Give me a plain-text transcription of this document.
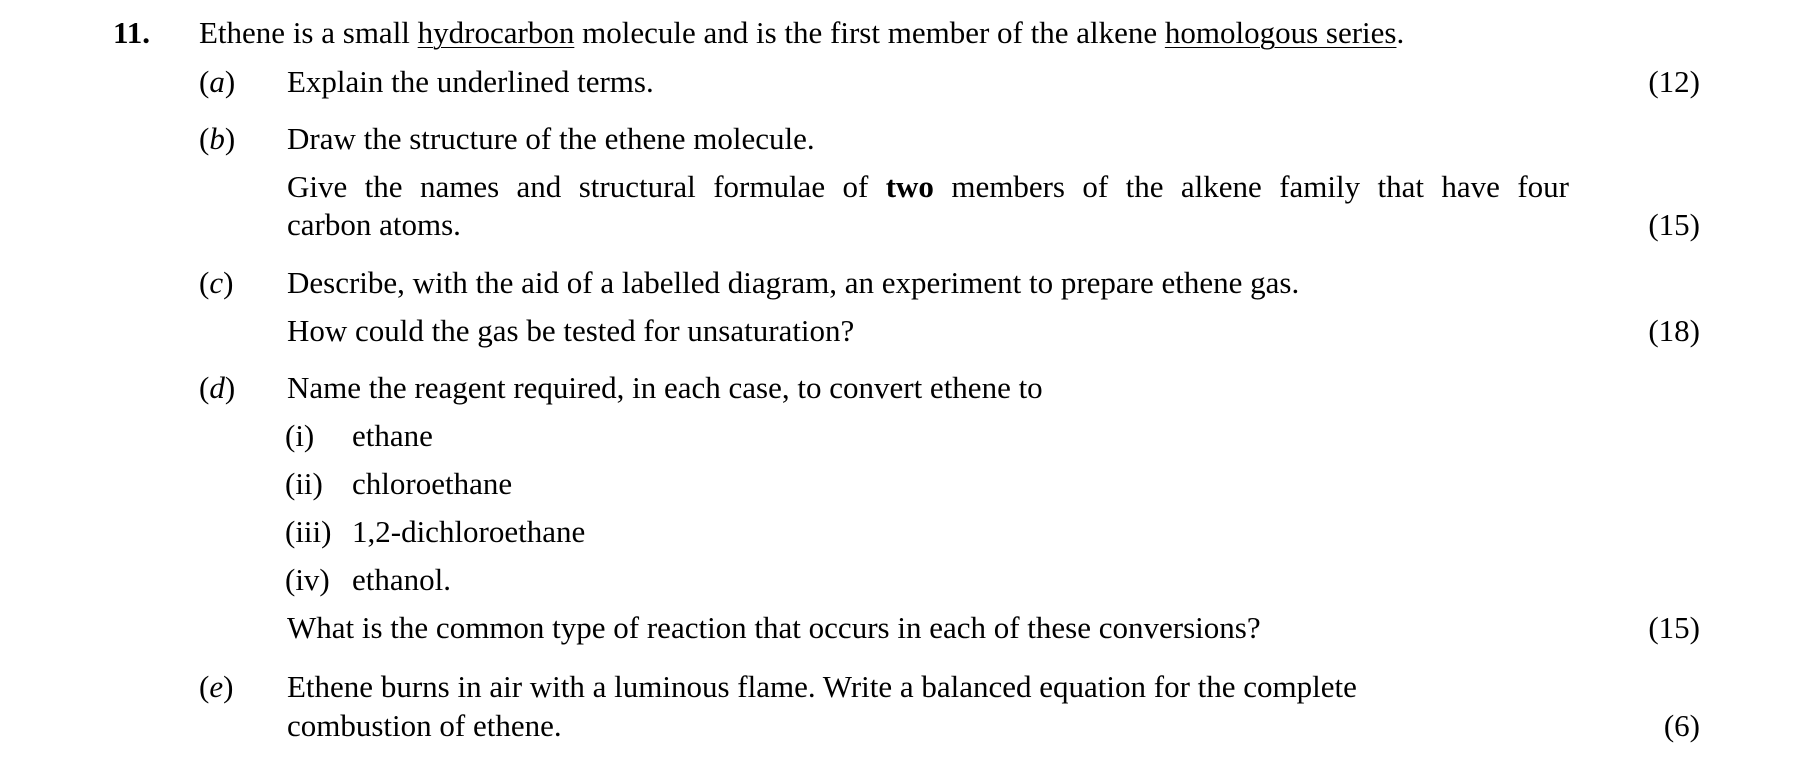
11. Ethene is a small hydrocarbon molecule and is the first member of the alkene homologous series.
(a) Explain the underlined terms.	(12)
(b) Draw the structure of the ethene molecule.
Give the names and structural formulae of two members of the alkene family that have four
carbon atoms.	(15)
(c) Describe, with the aid of a labelled diagram, an experiment to prepare ethene gas.
How could the gas be tested for unsaturation?	(18)
(d) Name the reagent required, in each case, to convert ethene to
(i) ethane
(ii) chloroethane
(iii) 1,2-dichloroethane
(iv) ethanol.
What is the common type of reaction that occurs in each of these conversions?	(15)
(e) Ethene burns in air with a luminous flame. Write a balanced equation for the complete
combustion of ethene.	(6)
